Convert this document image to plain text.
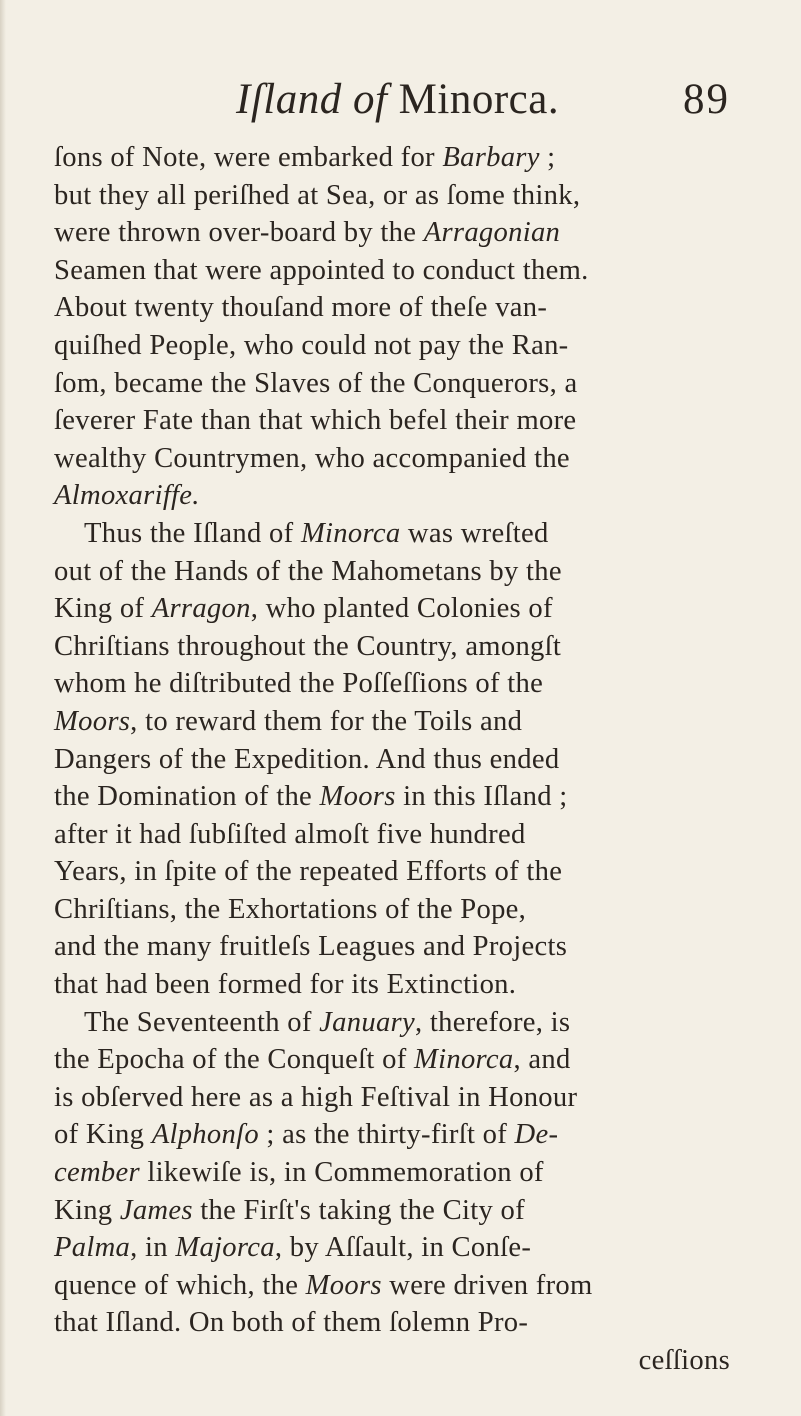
Iſland of Minorca.	89
ſons of Note, were embarked for Barbary ;
but they all periſhed at Sea, or as ſome think,
were thrown over-board by the Arragonian
Seamen that were appointed to conduct them.
About twenty thouſand more of theſe van-
quiſhed People, who could not pay the Ran-
ſom, became the Slaves of the Conquerors, a
ſeverer Fate than that which befel their more
wealthy Countrymen, who accompanied the
Almoxariffe.
Thus the Iſland of Minorca was wreſted
out of the Hands of the Mahometans by the
King of Arragon, who planted Colonies of
Chriſtians throughout the Country, amongſt
whom he diſtributed the Poſſeſſions of the
Moors, to reward them for the Toils and
Dangers of the Expedition. And thus ended
the Domination of the Moors in this Iſland ;
after it had ſubſiſted almoſt five hundred
Years, in ſpite of the repeated Efforts of the
Chriſtians, the Exhortations of the Pope,
and the many fruitleſs Leagues and Projects
that had been formed for its Extinction.
The Seventeenth of January, therefore, is
the Epocha of the Conqueſt of Minorca, and
is obſerved here as a high Feſtival in Honour
of King Alphonſo ; as the thirty-firſt of De-
cember likewiſe is, in Commemoration of
King James the Firſt's taking the City of
Palma, in Majorca, by Aſſault, in Conſe-
quence of which, the Moors were driven from
that Iſland. On both of them ſolemn Pro-
ceſſions
